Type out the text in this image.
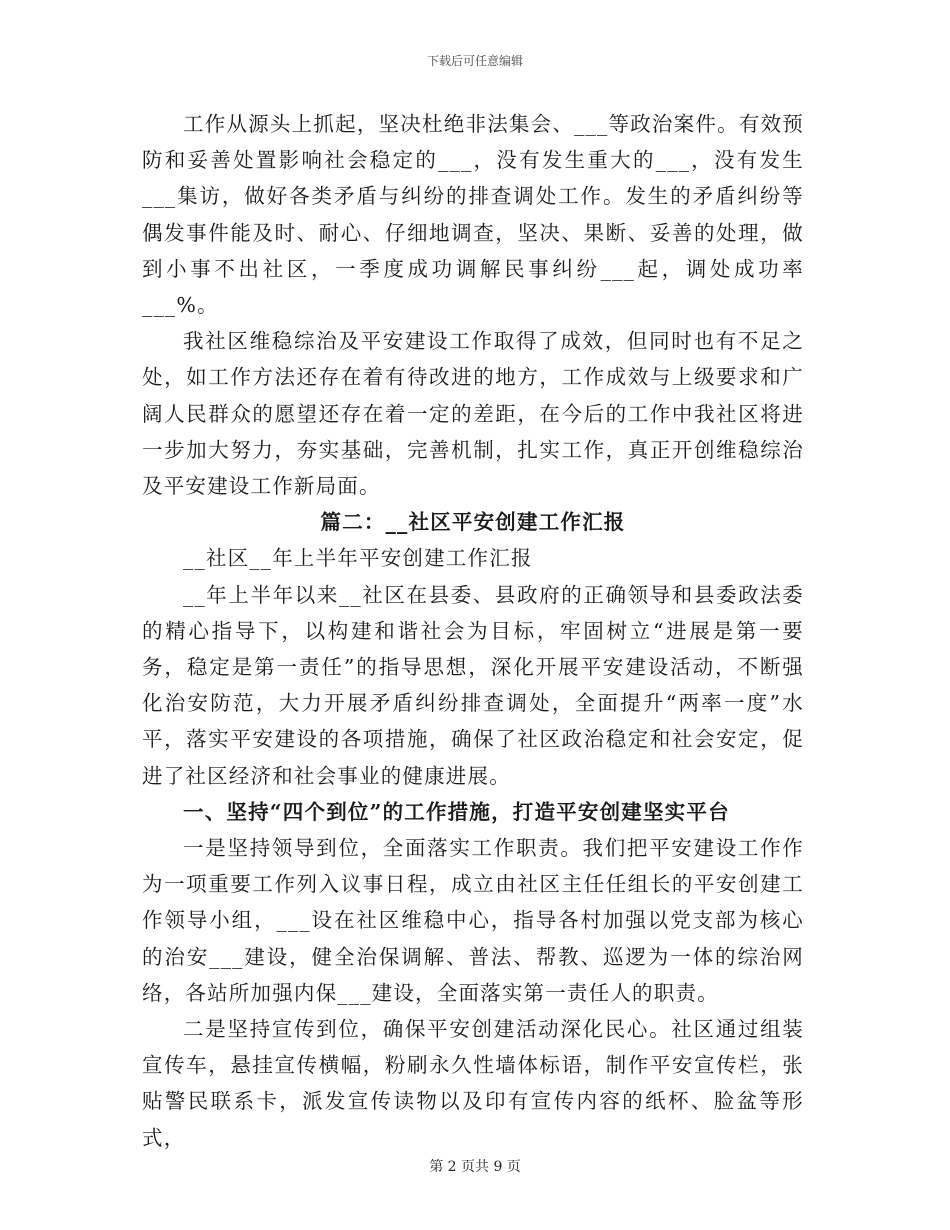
下载后可任意编辑

工作从源头上抓起，坚决杜绝非法集会、___等政治案件。有效预防和妥善处置影响社会稳定的___，没有发生重大的___，没有发生___集访，做好各类矛盾与纠纷的排查调处工作。发生的矛盾纠纷等偶发事件能及时、耐心、仔细地调查，坚决、果断、妥善的处理，做到小事不出社区，一季度成功调解民事纠纷___起，调处成功率___%。

我社区维稳综治及平安建设工作取得了成效，但同时也有不足之处，如工作方法还存在着有待改进的地方，工作成效与上级要求和广阔人民群众的愿望还存在着一定的差距，在今后的工作中我社区将进一步加大努力，夯实基础，完善机制，扎实工作，真正开创维稳综治及平安建设工作新局面。

篇二：__社区平安创建工作汇报

__社区__年上半年平安创建工作汇报

__年上半年以来__社区在县委、县政府的正确领导和县委政法委的精心指导下，以构建和谐社会为目标，牢固树立“进展是第一要务，稳定是第一责任”的指导思想，深化开展平安建设活动，不断强化治安防范，大力开展矛盾纠纷排查调处，全面提升“两率一度”水平，落实平安建设的各项措施，确保了社区政治稳定和社会安定，促进了社区经济和社会事业的健康进展。

一、坚持“四个到位”的工作措施，打造平安创建坚实平台

一是坚持领导到位，全面落实工作职责。我们把平安建设工作作为一项重要工作列入议事日程，成立由社区主任任组长的平安创建工作领导小组，___设在社区维稳中心，指导各村加强以党支部为核心的治安___建设，健全治保调解、普法、帮教、巡逻为一体的综治网络，各站所加强内保___建设，全面落实第一责任人的职责。

二是坚持宣传到位，确保平安创建活动深化民心。社区通过组装宣传车，悬挂宣传横幅，粉刷永久性墙体标语，制作平安宣传栏，张贴警民联系卡，派发宣传读物以及印有宣传内容的纸杯、脸盆等形式，

第 2 页共 9 页
